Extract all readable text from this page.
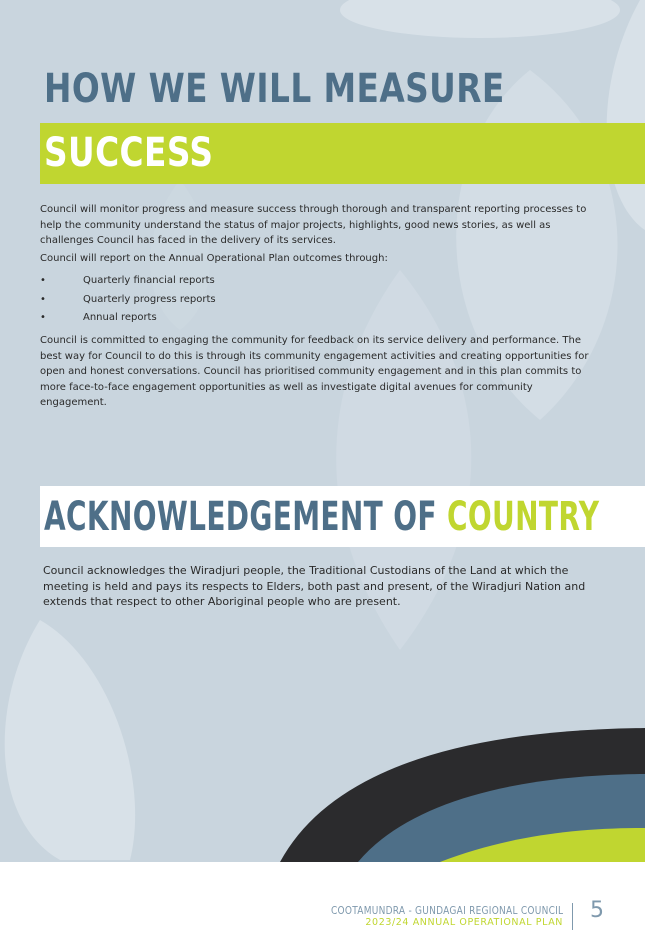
HOW WE WILL MEASURE
SUCCESS

Council will monitor progress and measure success through thorough and transparent reporting processes to help the community understand the status of major projects, highlights, good news stories, as well as challenges Council has faced in the delivery of its services.

Council will report on the Annual Operational Plan outcomes through:

•	Quarterly financial reports
•	Quarterly progress reports
•	Annual reports

Council is committed to engaging the community for feedback on its service delivery and performance. The best way for Council to do this is through its community engagement activities and creating opportunities for open and honest conversations. Council has prioritised community engagement and in this plan commits to more face-to-face engagement opportunities as well as investigate digital avenues for community engagement.

ACKNOWLEDGEMENT OF COUNTRY

Council acknowledges the Wiradjuri people, the Traditional Custodians of the Land at which the meeting is held and pays its respects to Elders, both past and present, of the Wiradjuri Nation and extends that respect to other Aboriginal people who are present.

COOTAMUNDRA - GUNDAGAI REGIONAL COUNCIL
2023/24 ANNUAL OPERATIONAL PLAN 5
